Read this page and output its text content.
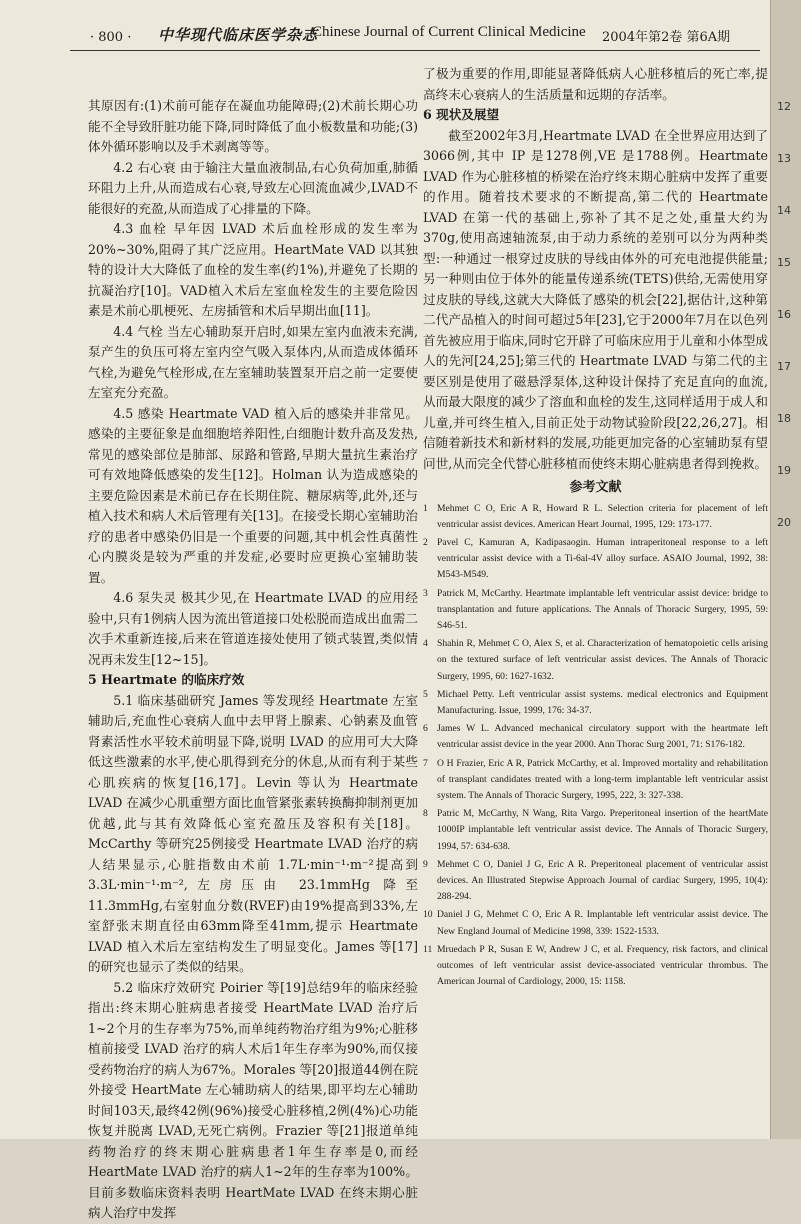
· 800 · 中华现代临床医学杂志
Chinese Journal of Current Clinical Medicine 2004年第2卷 第6A期

其原因有:(1)术前可能存在凝血功能障碍;(2)术前长期心功能不全导致肝脏功能下降,同时降低了血小板数量和功能;(3)体外循环影响以及手术剥离等等。

4.2 右心衰 由于输注大量血液制品,右心负荷加重,肺循环阻力上升,从而造成右心衰,导致左心回流血减少,LVAD不能很好的充盈,从而造成了心排量的下降。

4.3 血栓 早年因 LVAD 术后血栓形成的发生率为20%~30%,阻碍了其广泛应用。HeartMate VAD 以其独特的设计大大降低了血栓的发生率(约1%),并避免了长期的抗凝治疗[10]。VAD植入术后左室血栓发生的主要危险因素是术前心肌梗死、左房插管和术后早期出血[11]。

4.4 气栓 当左心辅助泵开启时,如果左室内血液未充满,泵产生的负压可将左室内空气吸入泵体内,从而造成体循环气栓,为避免气栓形成,在左室辅助装置泵开启之前一定要使左室充分充盈。

4.5 感染 Heartmate VAD 植入后的感染并非常见。感染的主要征象是血细胞培养阳性,白细胞计数升高及发热,常见的感染部位是肺部、尿路和管路,早期大量抗生素治疗可有效地降低感染的发生[12]。Holman 认为造成感染的主要危险因素是术前已存在长期住院、糖尿病等,此外,还与植入技术和病人术后管理有关[13]。在接受长期心室辅助治疗的患者中感染仍旧是一个重要的问题,其中机会性真菌性心内膜炎是较为严重的并发症,必要时应更换心室辅助装置。

4.6 泵失灵 极其少见,在 Heartmate LVAD 的应用经验中,只有1例病人因为流出管道接口处松脱而造成出血需二次手术重新连接,后来在管道连接处使用了锁式装置,类似情况再未发生[12~15]。

5 Heartmate 的临床疗效

5.1 临床基础研究 James 等发现经 Heartmate 左室辅助后,充血性心衰病人血中去甲肾上腺素、心钠素及血管肾素活性水平较术前明显下降,说明 LVAD 的应用可大大降低这些激素的水平,使心肌得到充分的休息,从而有利于某些心肌疾病的恢复[16,17]。Levin 等认为 Heartmate LVAD 在减少心肌重塑方面比血管紧张素转换酶抑制剂更加优越,此与其有效降低心室充盈压及容积有关[18]。McCarthy 等研究25例接受 Heartmate LVAD 治疗的病人结果显示,心脏指数由术前 1.7L·min⁻¹·m⁻²提高到 3.3L·min⁻¹·m⁻²,左房压由 23.1mmHg 降至 11.3mmHg,右室射血分数(RVEF)由19%提高到33%,左室舒张末期直径由63mm降至41mm,提示 Heartmate LVAD 植入术后左室结构发生了明显变化。James 等[17]的研究也显示了类似的结果。

5.2 临床疗效研究 Poirier 等[19]总结9年的临床经验指出:终末期心脏病患者接受 HeartMate LVAD 治疗后1~2个月的生存率为75%,而单纯药物治疗组为9%;心脏移植前接受 LVAD 治疗的病人术后1年生存率为90%,而仅接受药物治疗的病人为67%。Morales 等[20]报道44例在院外接受 HeartMate 左心辅助病人的结果,即平均左心辅助时间103天,最终42例(96%)接受心脏移植,2例(4%)心功能恢复并脱离 LVAD,无死亡病例。Frazier 等[21]报道单纯药物治疗的终末期心脏病患者1年生存率是0,而经 HeartMate LVAD 治疗的病人1~2年的生存率为100%。目前多数临床资料表明 HeartMate LVAD 在终末期心脏病人治疗中发挥

了极为重要的作用,即能显著降低病人心脏移植后的死亡率,提高终末心衰病人的生活质量和远期的存活率。

6 现状及展望

截至2002年3月,Heartmate LVAD 在全世界应用达到了3066例,其中 IP 是1278例,VE 是1788例。Heartmate LVAD 作为心脏移植的桥梁在治疗终末期心脏病中发挥了重要的作用。随着技术要求的不断提高,第二代的 Heartmate LVAD 在第一代的基础上,弥补了其不足之处,重量大约为370g,使用高速轴流泵,由于动力系统的差别可以分为两种类型:一种通过一根穿过皮肤的导线由体外的可充电池提供能量;另一种则由位于体外的能量传递系统(TETS)供给,无需使用穿过皮肤的导线,这就大大降低了感染的机会[22],据估计,这种第二代产品植入的时间可超过5年[23],它于2000年7月在以色列首先被应用于临床,同时它开辟了可临床应用于儿童和小体型成人的先河[24,25];第三代的 Heartmate LVAD 与第二代的主要区别是使用了磁悬浮泵体,这种设计保持了充足直向的血流,从而最大限度的减少了溶血和血栓的发生,这同样适用于成人和儿童,并可终生植入,目前正处于动物试验阶段[22,26,27]。相信随着新技术和新材料的发展,功能更加完备的心室辅助泵有望问世,从而完全代替心脏移植而使终末期心脏病患者得到挽救。

参考文献
1 Mehmet C O, Eric A R, Howard R L. Selection criteria for placement of left ventricular assist devices. American Heart Journal, 1995, 129: 173-177.
2 Pavel C, Kamuran A, Kadipasaogin. Human intraperitoneal response to a left ventricular assist device with a Ti-6al-4V alloy surface. ASAIO Journal, 1992, 38: M543-M549.
3 Patrick M, McCarthy. Heartmate implantable left ventricular assist device: bridge to transplantation and future applications. The Annals of Thoracic Surgery, 1995, 59: S46-51.
4 Shahin R, Mehmet C O, Alex S, et al. Characterization of hematopoietic cells arising on the textured surface of left ventricular assist devices. The Annals of Thoracic Surgery, 1995, 60: 1627-1632.
5 Michael Petty. Left ventricular assist systems. medical electronics and Equipment Manufacturing. Issue, 1999, 176: 34-37.
6 James W L. Advanced mechanical circulatory support with the heartmate left ventricular assist device in the year 2000. Ann Thorac Surg 2001, 71: S176-182.
7 O H Frazier, Eric A R, Patrick McCarthy, et al. Improved mortality and rehabilitation of transplant candidates treated with a long-term implantable left ventricular assist system. The Annals of Thoracic Surgery, 1995, 222, 3: 327-338.
8 Patric M, McCarthy, N Wang, Rita Vargo. Preperitoneal insertion of the heartMate 1000IP implantable left ventricular assist device. The Annals of Thoracic Surgery, 1994, 57: 634-638.
9 Mehmet C O, Daniel J G, Eric A R. Preperitoneal placement of ventricular assist devices. An Illustrated Stepwise Approach Journal of cardiac Surgery, 1995, 10(4): 288-294.
10 Daniel J G, Mehmet C O, Eric A R. Implantable left ventricular assist device. The New England Journal of Medicine 1998, 339: 1522-1533.
11 Mruedach P R, Susan E W, Andrew J C, et al. Frequency, risk factors, and clinical outcomes of left ventricular assist device-associated ventricular thrombus. The American Journal of Cardiology, 2000, 15: 1158.
12
13
14
15
16
17
18
19
20
